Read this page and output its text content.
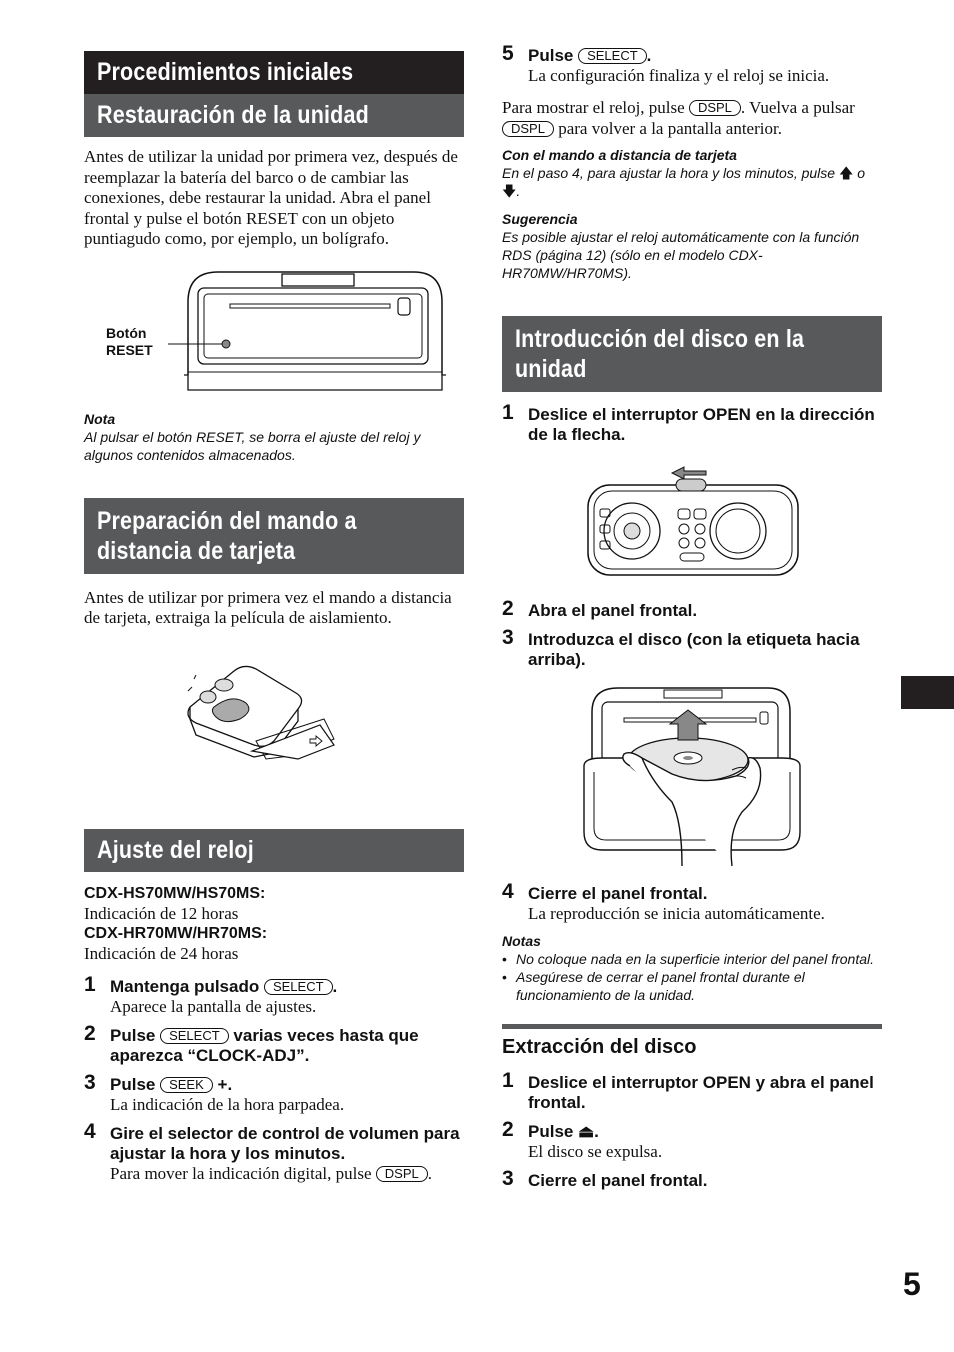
Procedimientos iniciales
Restauración de la unidad
Antes de utilizar la unidad por primera vez, después de reemplazar la batería del barco o de cambiar las conexiones, debe restaurar la unidad. Abra el panel frontal y pulse el botón RESET con un objeto puntiagudo como, por ejemplo, un bolígrafo.
Botón
RESET
Nota
Al pulsar el botón RESET, se borra el ajuste del reloj y algunos contenidos almacenados.
Preparación del mando a
distancia de tarjeta
Antes de utilizar por primera vez el mando a distancia de tarjeta, extraiga la película de aislamiento.
Ajuste del reloj
CDX-HS70MW/HS70MS:
Indicación de 12 horas
CDX-HR70MW/HR70MS:
Indicación de 24 horas
1 Mantenga pulsado SELECT .
Aparece la pantalla de ajustes.
2 Pulse SELECT varias veces hasta que aparezca “CLOCK-ADJ”.
3 Pulse SEEK +.
La indicación de la hora parpadea.
4 Gire el selector de control de volumen para ajustar la hora y los minutos.
Para mover la indicación digital, pulse DSPL .
5 Pulse SELECT .
La configuración finaliza y el reloj se inicia.
Para mostrar el reloj, pulse DSPL . Vuelva a pulsar DSPL para volver a la pantalla anterior.
Con el mando a distancia de tarjeta
En el paso 4, para ajustar la hora y los minutos, pulse 🡅 o 🡇.
Sugerencia
Es posible ajustar el reloj automáticamente con la función RDS (página 12) (sólo en el modelo CDX-HR70MW/HR70MS).
Introducción del disco en la
unidad
1 Deslice el interruptor OPEN en la dirección de la flecha.
2 Abra el panel frontal.
3 Introduzca el disco (con la etiqueta hacia arriba).
4 Cierre el panel frontal.
La reproducción se inicia automáticamente.
Notas
• No coloque nada en la superficie interior del panel frontal.
• Asegúrese de cerrar el panel frontal durante el funcionamiento de la unidad.
Extracción del disco
1 Deslice el interruptor OPEN y abra el panel frontal.
2 Pulse ⏏.
El disco se expulsa.
3 Cierre el panel frontal.
5
